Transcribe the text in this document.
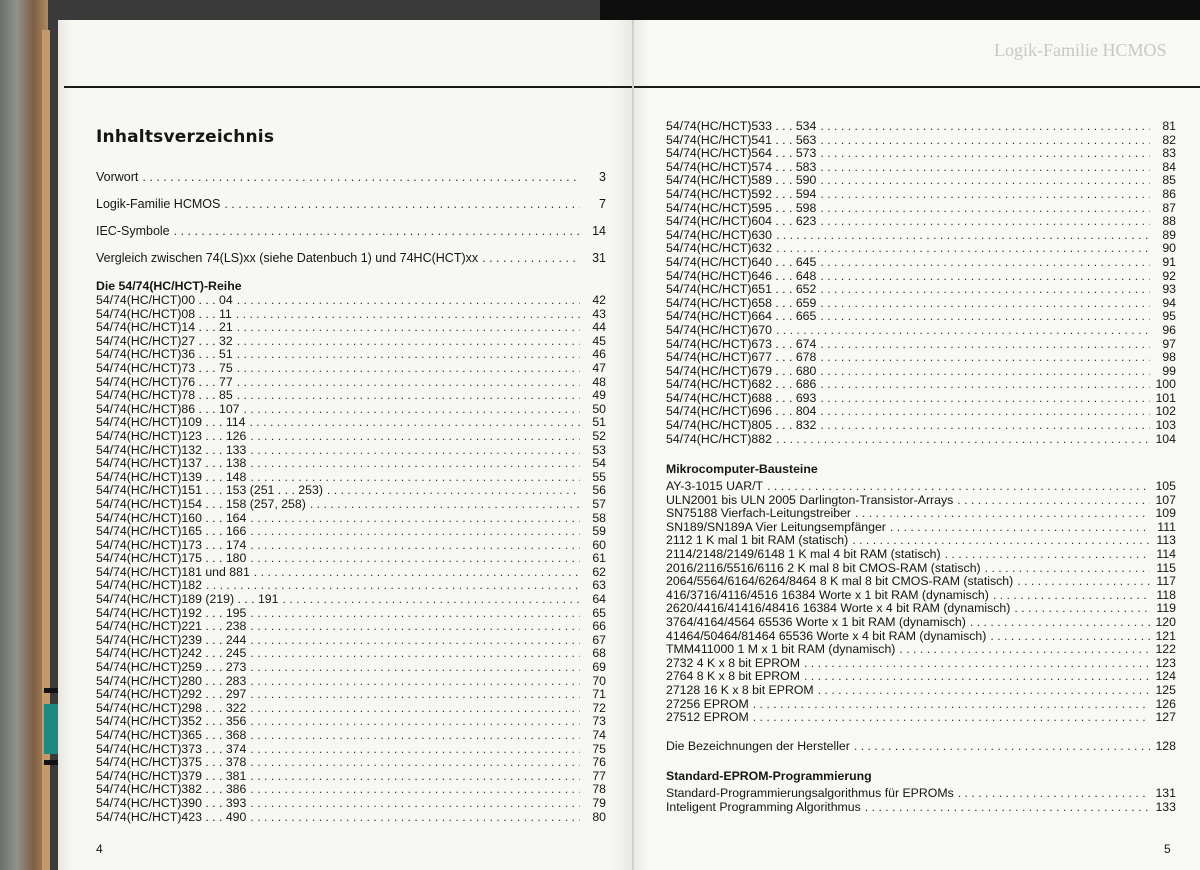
Inhaltsverzeichnis
Vorwort . . .	3
Logik-Familie HCMOS . . .	7
IEC-Symbole . . .	14
Vergleich zwischen 74(LS)xx (siehe Datenbuch 1) und 74HC(HCT)xx . . .	31
Die 54/74(HC/HCT)-Reihe
54/74(HC/HCT)00 . . . 04 . . .	42
54/74(HC/HCT)08 . . . 11 . . .	43
54/74(HC/HCT)14 . . . 21 . . .	44
54/74(HC/HCT)27 . . . 32 . . .	45
54/74(HC/HCT)36 . . . 51 . . .	46
54/74(HC/HCT)73 . . . 75 . . .	47
54/74(HC/HCT)76 . . . 77 . . .	48
54/74(HC/HCT)78 . . . 85 . . .	49
54/74(HC/HCT)86 . . . 107 . . .	50
54/74(HC/HCT)109 . . . 114 . . .	51
54/74(HC/HCT)123 . . . 126 . . .	52
54/74(HC/HCT)132 . . . 133 . . .	53
54/74(HC/HCT)137 . . . 138 . . .	54
54/74(HC/HCT)139 . . . 148 . . .	55
54/74(HC/HCT)151 . . . 153 (251 . . . 253) . . .	56
54/74(HC/HCT)154 . . . 158 (257, 258) . . .	57
54/74(HC/HCT)160 . . . 164 . . .	58
54/74(HC/HCT)165 . . . 166 . . .	59
54/74(HC/HCT)173 . . . 174 . . .	60
54/74(HC/HCT)175 . . . 180 . . .	61
54/74(HC/HCT)181 und 881 . . .	62
54/74(HC/HCT)182 . . .	63
54/74(HC/HCT)189 (219) . . . 191 . . .	64
54/74(HC/HCT)192 . . . 195 . . .	65
54/74(HC/HCT)221 . . . 238 . . .	66
54/74(HC/HCT)239 . . . 244 . . .	67
54/74(HC/HCT)242 . . . 245 . . .	68
54/74(HC/HCT)259 . . . 273 . . .	69
54/74(HC/HCT)280 . . . 283 . . .	70
54/74(HC/HCT)292 . . . 297 . . .	71
54/74(HC/HCT)298 . . . 322 . . .	72
54/74(HC/HCT)352 . . . 356 . . .	73
54/74(HC/HCT)365 . . . 368 . . .	74
54/74(HC/HCT)373 . . . 374 . . .	75
54/74(HC/HCT)375 . . . 378 . . .	76
54/74(HC/HCT)379 . . . 381 . . .	77
54/74(HC/HCT)382 . . . 386 . . .	78
54/74(HC/HCT)390 . . . 393 . . .	79
54/74(HC/HCT)423 . . . 490 . . .	80
4
Logik-Familie HCMOS
54/74(HC/HCT)533 . . . 534 . . .	81
54/74(HC/HCT)541 . . . 563 . . .	82
54/74(HC/HCT)564 . . . 573 . . .	83
54/74(HC/HCT)574 . . . 583 . . .	84
54/74(HC/HCT)589 . . . 590 . . .	85
54/74(HC/HCT)592 . . . 594 . . .	86
54/74(HC/HCT)595 . . . 598 . . .	87
54/74(HC/HCT)604 . . . 623 . . .	88
54/74(HC/HCT)630 . . .	89
54/74(HC/HCT)632 . . .	90
54/74(HC/HCT)640 . . . 645 . . .	91
54/74(HC/HCT)646 . . . 648 . . .	92
54/74(HC/HCT)651 . . . 652 . . .	93
54/74(HC/HCT)658 . . . 659 . . .	94
54/74(HC/HCT)664 . . . 665 . . .	95
54/74(HC/HCT)670 . . .	96
54/74(HC/HCT)673 . . . 674 . . .	97
54/74(HC/HCT)677 . . . 678 . . .	98
54/74(HC/HCT)679 . . . 680 . . .	99
54/74(HC/HCT)682 . . . 686 . . .	100
54/74(HC/HCT)688 . . . 693 . . .	101
54/74(HC/HCT)696 . . . 804 . . .	102
54/74(HC/HCT)805 . . . 832 . . .	103
54/74(HC/HCT)882 . . .	104
Mikrocomputer-Bausteine
AY-3-1015 UAR/T . . .	105
ULN2001 bis ULN 2005 Darlington-Transistor-Arrays . . .	107
SN75188 Vierfach-Leitungstreiber . . .	109
SN189/SN189A Vier Leitungsempfänger . . .	111
2112 1 K mal 1 bit RAM (statisch) . . .	113
2114/2148/2149/6148 1 K mal 4 bit RAM (statisch) . . .	114
2016/2116/5516/6116 2 K mal 8 bit CMOS-RAM (statisch) . . .	115
2064/5564/6164/6264/8464 8 K mal 8 bit CMOS-RAM (statisch) . . .	117
416/3716/4116/4516 16384 Worte x 1 bit RAM (dynamisch) . . .	118
2620/4416/41416/48416 16384 Worte x 4 bit RAM (dynamisch) . . .	119
3764/4164/4564 65536 Worte x 1 bit RAM (dynamisch) . . .	120
41464/50464/81464 65536 Worte x 4 bit RAM (dynamisch) . . .	121
TMM411000 1 M x 1 bit RAM (dynamisch) . . .	122
2732 4 K x 8 bit EPROM . . .	123
2764 8 K x 8 bit EPROM . . .	124
27128 16 K x 8 bit EPROM . . .	125
27256 EPROM . . .	126
27512 EPROM . . .	127
Die Bezeichnungen der Hersteller . . .	128
Standard-EPROM-Programmierung
Standard-Programmierungsalgorithmus für EPROMs . . .	131
Inteligent Programming Algorithmus . . .	133
5
